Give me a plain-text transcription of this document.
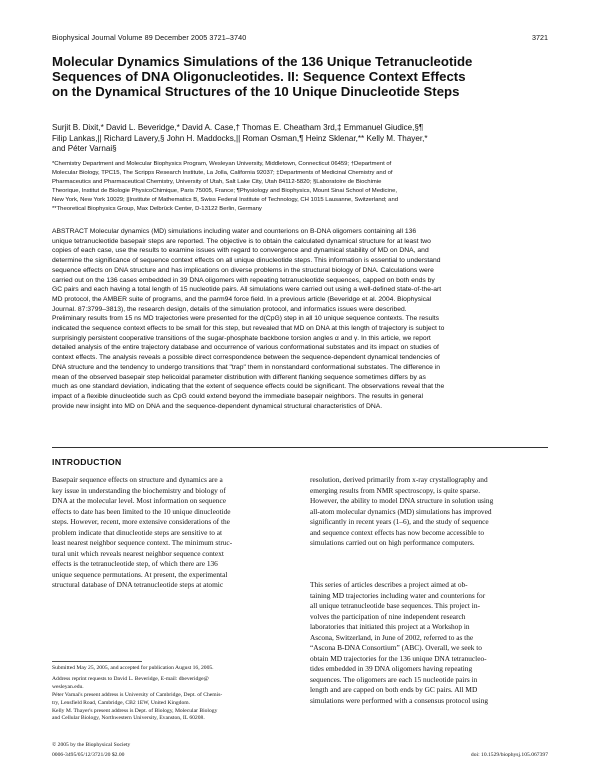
Biophysical Journal Volume 89 December 2005 3721–3740	3721
Molecular Dynamics Simulations of the 136 Unique Tetranucleotide
Sequences of DNA Oligonucleotides. II: Sequence Context Effects
on the Dynamical Structures of the 10 Unique Dinucleotide Steps
Surjit B. Dixit,* David L. Beveridge,* David A. Case,† Thomas E. Cheatham 3rd,‡ Emmanuel Giudice,§¶
Filip Lankas,|| Richard Lavery,§ John H. Maddocks,|| Roman Osman,¶ Heinz Sklenar,** Kelly M. Thayer,*
and Péter Varnai§
*Chemistry Department and Molecular Biophysics Program, Wesleyan University, Middletown, Connecticut 06459; †Department of
Molecular Biology, TPC15, The Scripps Research Institute, La Jolla, California 92037; ‡Departments of Medicinal Chemistry and of
Pharmaceutics and Pharmaceutical Chemistry, University of Utah, Salt Lake City, Utah 84112-5820; §Laboratoire de Biochimie
Theorique, Institut de Biologie PhysicoChimique, Paris 75005, France; ¶Physiology and Biophysics, Mount Sinai School of Medicine,
New York, New York 10029; ||Institute of Mathematics B, Swiss Federal Institute of Technology, CH 1015 Lausanne, Switzerland; and
**Theoretical Biophysics Group, Max Delbrück Center, D-13122 Berlin, Germany
ABSTRACT Molecular dynamics (MD) simulations including water and counterions on B-DNA oligomers containing all 136
unique tetranucleotide basepair steps are reported. The objective is to obtain the calculated dynamical structure for at least two
copies of each case, use the results to examine issues with regard to convergence and dynamical stability of MD on DNA, and
determine the significance of sequence context effects on all unique dinucleotide steps. This information is essential to understand
sequence effects on DNA structure and has implications on diverse problems in the structural biology of DNA. Calculations were
carried out on the 136 cases embedded in 39 DNA oligomers with repeating tetranucleotide sequences, capped on both ends by
GC pairs and each having a total length of 15 nucleotide pairs. All simulations were carried out using a well-defined state-of-the-art
MD protocol, the AMBER suite of programs, and the parm94 force field. In a previous article (Beveridge et al. 2004. Biophysical
Journal. 87:3799–3813), the research design, details of the simulation protocol, and informatics issues were described.
Preliminary results from 15 ns MD trajectories were presented for the d(CpG) step in all 10 unique sequence contexts. The results
indicated the sequence context effects to be small for this step, but revealed that MD on DNA at this length of trajectory is subject to
surprisingly persistent cooperative transitions of the sugar-phosphate backbone torsion angles α and γ. In this article, we report
detailed analysis of the entire trajectory database and occurrence of various conformational substates and its impact on studies of
context effects. The analysis reveals a possible direct correspondence between the sequence-dependent dynamical tendencies of
DNA structure and the tendency to undergo transitions that "trap" them in nonstandard conformational substates. The difference in
mean of the observed basepair step helicoidal parameter distribution with different flanking sequence sometimes differs by as
much as one standard deviation, indicating that the extent of sequence effects could be significant. The observations reveal that the
impact of a flexible dinucleotide such as CpG could extend beyond the immediate basepair neighbors. The results in general
provide new insight into MD on DNA and the sequence-dependent dynamical structural characteristics of DNA.
INTRODUCTION
Basepair sequence effects on structure and dynamics are a
key issue in understanding the biochemistry and biology of
DNA at the molecular level. Most information on sequence
effects to date has been limited to the 10 unique dinucleotide
steps. However, recent, more extensive considerations of the
problem indicate that dinucleotide steps are sensitive to at
least nearest neighbor sequence context. The minimum struc-
tural unit which reveals nearest neighbor sequence context
effects is the tetranucleotide step, of which there are 136
unique sequence permutations. At present, the experimental
structural database of DNA tetranucleotide steps at atomic
resolution, derived primarily from x-ray crystallography and
emerging results from NMR spectroscopy, is quite sparse.
However, the ability to model DNA structure in solution using
all-atom molecular dynamics (MD) simulations has improved
significantly in recent years (1–6), and the study of sequence
and sequence context effects has now become accessible to
simulations carried out on high performance computers.
This series of articles describes a project aimed at ob-
taining MD trajectories including water and counterions for
all unique tetranucleotide base sequences. This project in-
volves the participation of nine independent research
laboratories that initiated this project at a Workshop in
Ascona, Switzerland, in June of 2002, referred to as the
“Ascona B-DNA Consortium” (ABC). Overall, we seek to
obtain MD trajectories for the 136 unique DNA tetranucleo-
tides embedded in 39 DNA oligomers having repeating
sequences. The oligomers are each 15 nucleotide pairs in
length and are capped on both ends by GC pairs. All MD
simulations were performed with a consensus protocol using
Submitted May 25, 2005, and accepted for publication August 16, 2005.
Address reprint requests to David L. Beveridge, E-mail: dbeveridge@
wesleyan.edu.
Péter Varnai's present address is University of Cambridge, Dept. of Chemis-
try, Lensfield Road, Cambridge, CB2 1EW, United Kingdom.
Kelly M. Thayer's present address is Dept. of Biology, Molecular Biology
and Cellular Biology, Northwestern University, Evanston, IL 60208.
© 2005 by the Biophysical Society
0006-3495/05/12/3721/20 $2.00	doi: 10.1529/biophysj.105.067397
